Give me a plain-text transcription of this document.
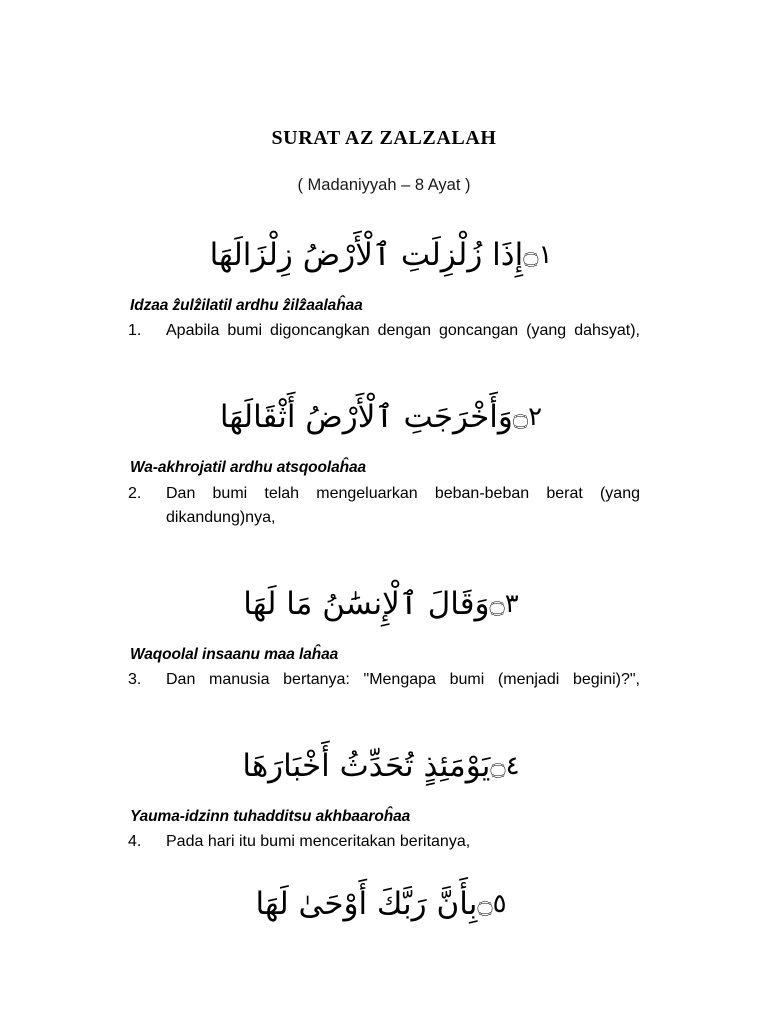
SURAT AZ ZALZALAH

( Madaniyyah – 8 Ayat )

۝١إِذَا زُلْزِلَتِ ٱلْأَرْضُ زِلْزَالَهَا
Idzaa ẑulẑilatil ardhu ẑilẑaalaĥaa
1.	Apabila bumi digoncangkan dengan goncangan (yang dahsyat),
۝٢وَأَخْرَجَتِ ٱلْأَرْضُ أَثْقَالَهَا
Wa-akhrojatil ardhu atsqoolaĥaa
2.	Dan bumi telah mengeluarkan beban-beban berat (yang dikandung)nya,
۝٣وَقَالَ ٱلْإِنسَٰنُ مَا لَهَا
Waqoolal insaanu maa laĥaa
3.	Dan manusia bertanya: "Mengapa bumi (menjadi begini)?",
۝٤يَوْمَئِذٍ تُحَدِّثُ أَخْبَارَهَا
Yauma-idzinn tuhadditsu akhbaaroĥaa
4.	Pada hari itu bumi menceritakan beritanya,
۝٥بِأَنَّ رَبَّكَ أَوْحَىٰ لَهَا
